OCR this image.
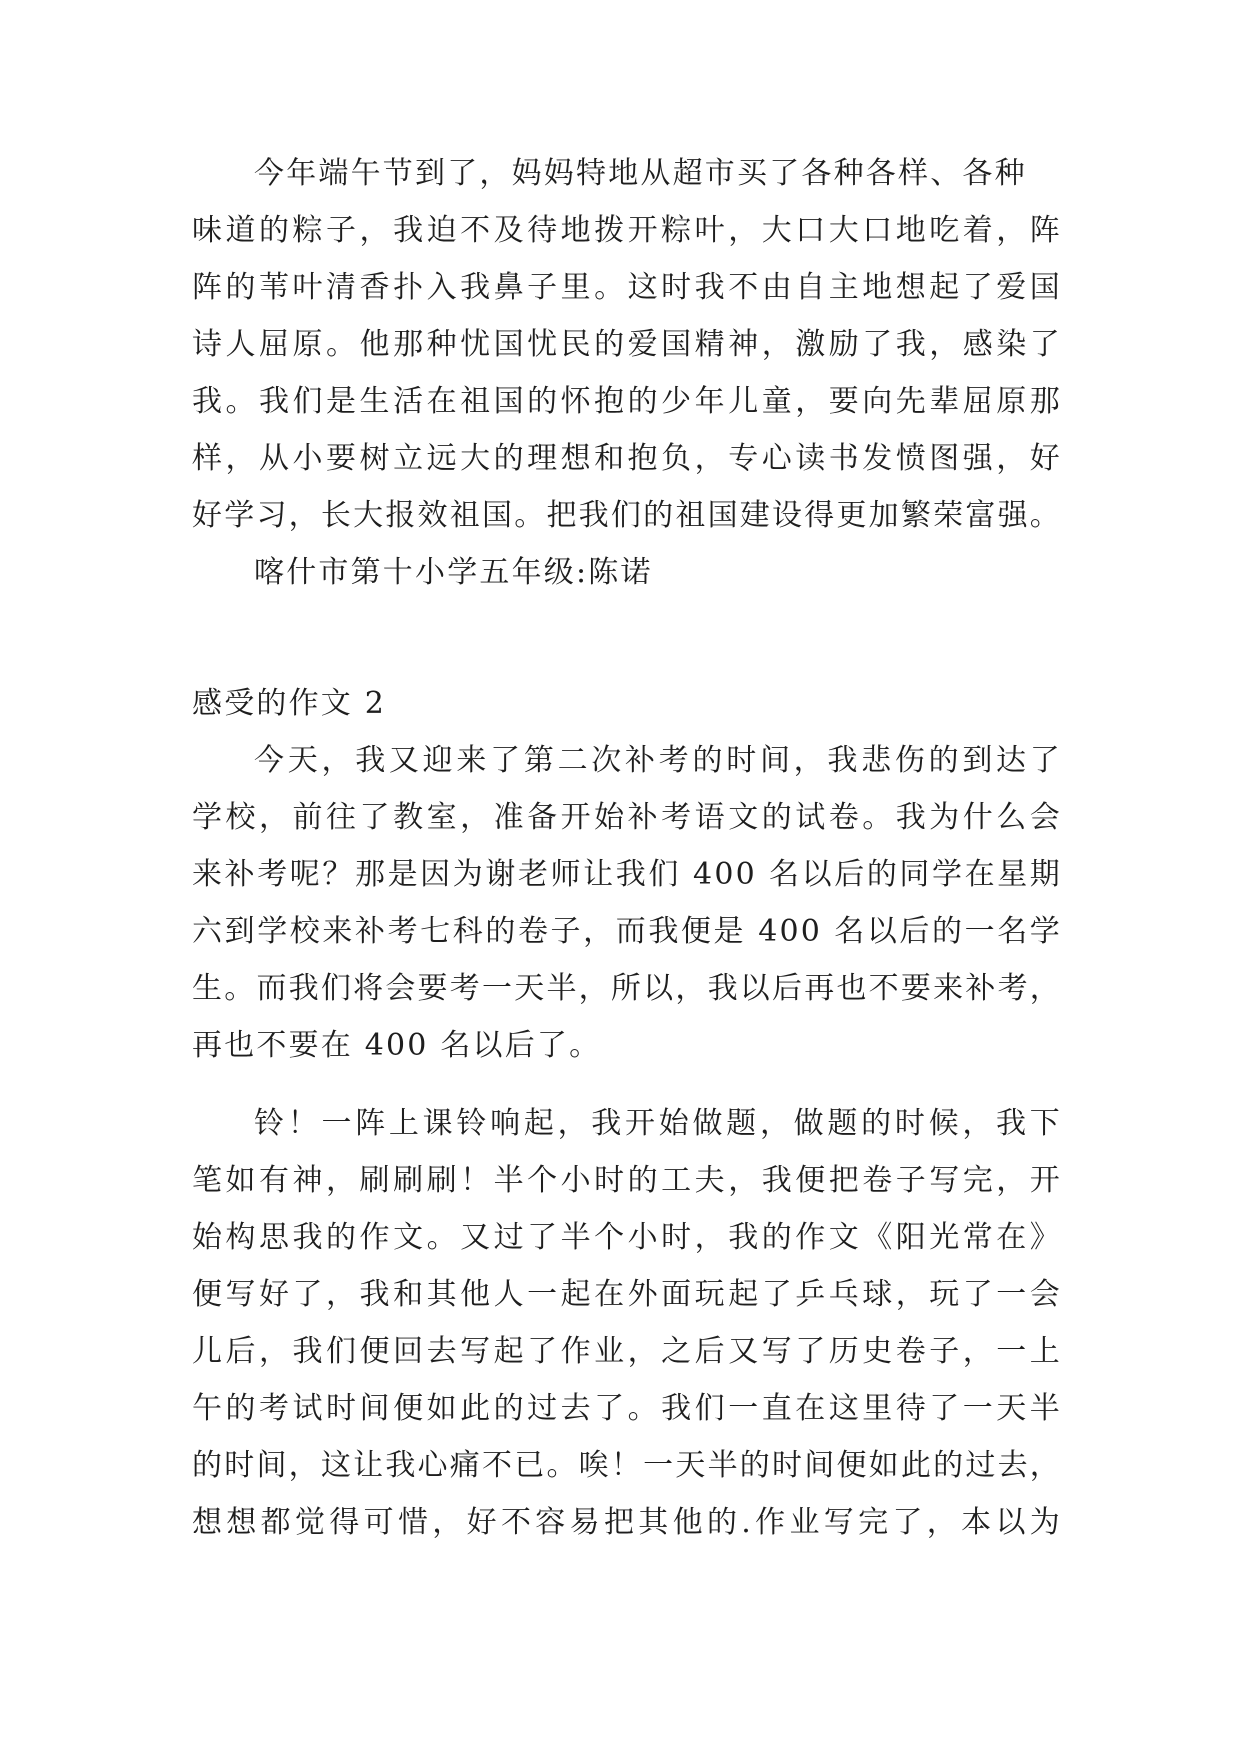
今年端午节到了，妈妈特地从超市买了各种各样、各种
味道的粽子，我迫不及待地拨开粽叶，大口大口地吃着，阵
阵的苇叶清香扑入我鼻子里。这时我不由自主地想起了爱国
诗人屈原。他那种忧国忧民的爱国精神，激励了我，感染了
我。我们是生活在祖国的怀抱的少年儿童，要向先辈屈原那
样，从小要树立远大的理想和抱负，专心读书发愤图强，好
好学习，长大报效祖国。把我们的祖国建设得更加繁荣富强。
喀什市第十小学五年级:陈诺
感受的作文 2
今天，我又迎来了第二次补考的时间，我悲伤的到达了
学校，前往了教室，准备开始补考语文的试卷。我为什么会
来补考呢？那是因为谢老师让我们 400 名以后的同学在星期
六到学校来补考七科的卷子，而我便是 400 名以后的一名学
生。而我们将会要考一天半，所以，我以后再也不要来补考，
再也不要在 400 名以后了。
铃！一阵上课铃响起，我开始做题，做题的时候，我下
笔如有神，刷刷刷！半个小时的工夫，我便把卷子写完，开
始构思我的作文。又过了半个小时，我的作文《阳光常在》
便写好了，我和其他人一起在外面玩起了乒乓球，玩了一会
儿后，我们便回去写起了作业，之后又写了历史卷子，一上
午的考试时间便如此的过去了。我们一直在这里待了一天半
的时间，这让我心痛不已。唉！一天半的时间便如此的过去，
想想都觉得可惜，好不容易把其他的.作业写完了，本以为
